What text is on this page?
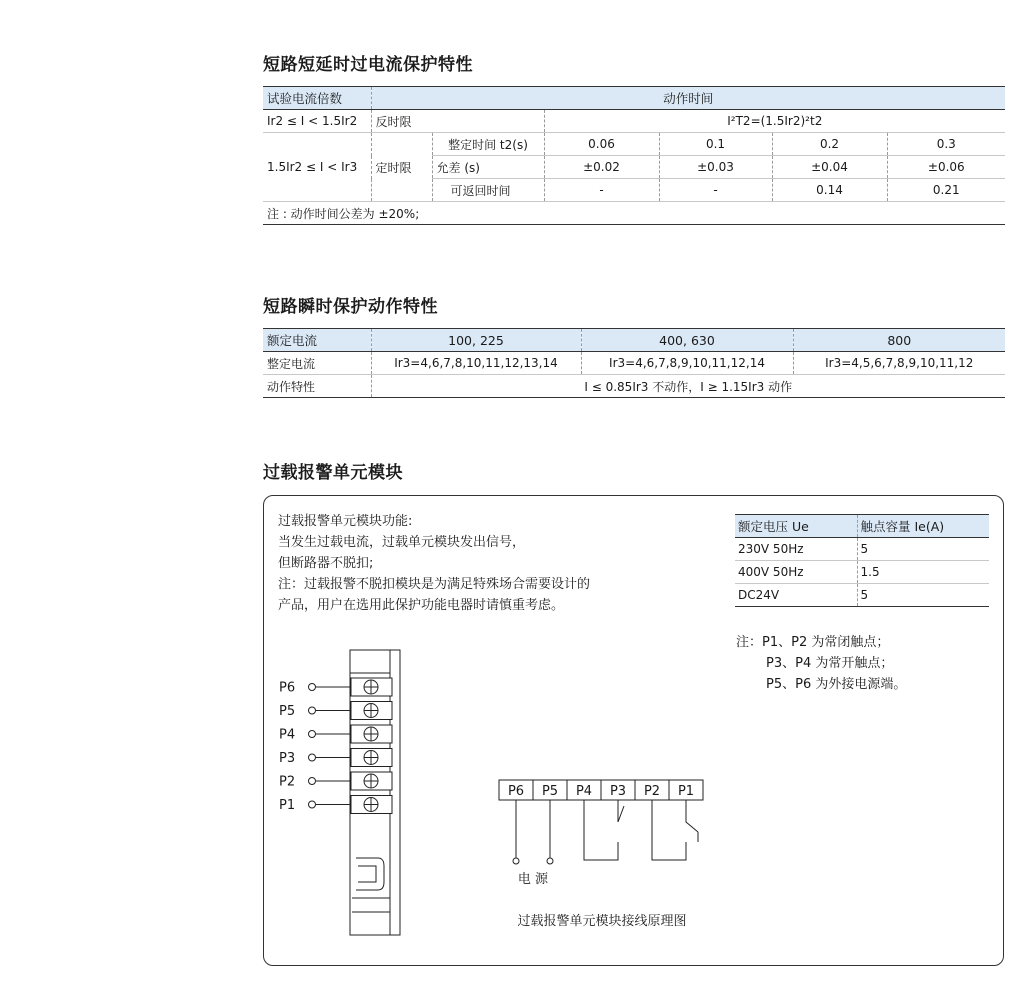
短路短延时过电流保护特性
试验电流倍数	动作时间					
Ir2 ≤ I < 1.5Ir2	反时限		I²T2=(1.5Ir2)²t2			
1.5Ir2 ≤ I < Ir3	定时限	整定时间 t2(s)	0.06	0.1	0.2	0.3
		允差 (s)	±0.02	±0.03	±0.04	±0.06
		可返回时间	-	-	0.14	0.21
注 : 动作时间公差为 ±20%;						
短路瞬时保护动作特性
额定电流	100, 225	400, 630	800
整定电流	Ir3=4,6,7,8,10,11,12,13,14	Ir3=4,6,7,8,9,10,11,12,14	Ir3=4,5,6,7,8,9,10,11,12
动作特性	I ≤ 0.85Ir3 不动作，I ≥ 1.15Ir3 动作		
过载报警单元模块
过载报警单元模块功能:
当发生过载电流，过载单元模块发出信号，
但断路器不脱扣;
注：过载报警不脱扣模块是为满足特殊场合需要设计的
产品，用户在选用此保护功能电器时请慎重考虑。
额定电压 Ue	触点容量 Ie(A)
230V 50Hz	5
400V 50Hz	1.5
DC24V	5
注：P1、P2 为常闭触点；
P3、P4 为常开触点；
P5、P6 为外接电源端。
P6
P5
P4
P3
P2
P1
P6 P5 P4 P3 P2 P1
电 源
过载报警单元模块接线原理图
